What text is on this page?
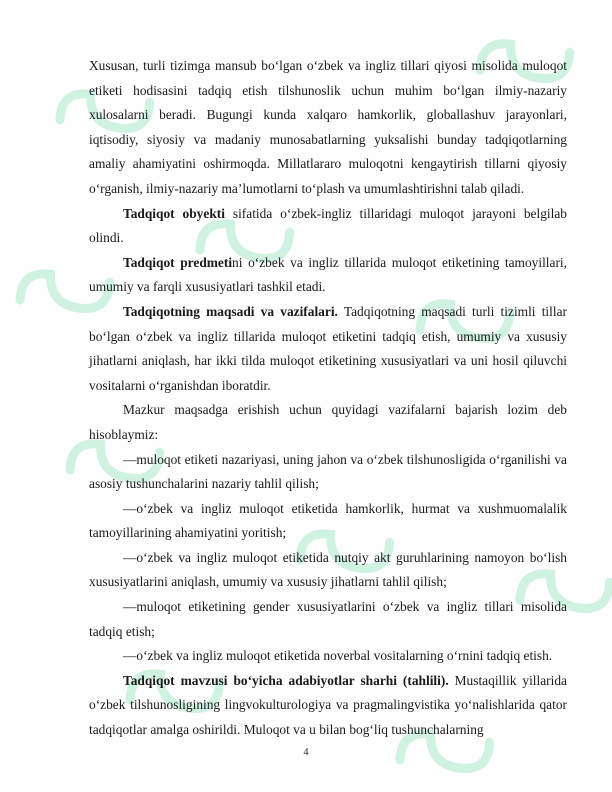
Xususan, turli tizimga mansub bo‘lgan o‘zbek va ingliz tillari qiyosi misolida muloqot etiketi hodisasini tadqiq etish tilshunoslik uchun muhim bo‘lgan ilmiy-nazariy xulosalarni beradi. Bugungi kunda xalqaro hamkorlik, globallashuv jarayonlari, iqtisodiy, siyosiy va madaniy munosabatlarning yuksalishi bunday tadqiqotlarning amaliy ahamiyatini oshirmoqda. Millatlararo muloqotni kengaytirish tillarni qiyosiy o‘rganish, ilmiy-nazariy ma’lumotlarni to‘plash va umumlashtirishni talab qiladi.

Tadqiqot obyekti sifatida o‘zbek-ingliz tillaridagi muloqot jarayoni belgilab olindi.

Tadqiqot predmetini o‘zbek va ingliz tillarida muloqot etiketining tamoyillari, umumiy va farqli xususiyatlari tashkil etadi.

Tadqiqotning maqsadi va vazifalari. Tadqiqotning maqsadi turli tizimli tillar bo‘lgan o‘zbek va ingliz tillarida muloqot etiketini tadqiq etish, umumiy va xususiy jihatlarni aniqlash, har ikki tilda muloqot etiketining xususiyatlari va uni hosil qiluvchi vositalarni o‘rganishdan iboratdir.

Mazkur maqsadga erishish uchun quyidagi vazifalarni bajarish lozim deb hisoblaymiz:

—muloqot etiketi nazariyasi, uning jahon va o‘zbek tilshunosligida o‘rganilishi va asosiy tushunchalarini nazariy tahlil qilish;

—o‘zbek va ingliz muloqot etiketida hamkorlik, hurmat va xushmuomalalik tamoyillarining ahamiyatini yoritish;

—o‘zbek va ingliz muloqot etiketida nutqiy akt guruhlarining namoyon bo‘lish xususiyatlarini aniqlash, umumiy va xususiy jihatlarni tahlil qilish;

—muloqot etiketining gender xususiyatlarini o‘zbek va ingliz tillari misolida tadqiq etish;

—o‘zbek va ingliz muloqot etiketida noverbal vositalarning o‘rnini tadqiq etish.

Tadqiqot mavzusi bo‘yicha adabiyotlar sharhi (tahlili). Mustaqillik yillarida o‘zbek tilshunosligining lingvokulturologiya va pragmalingvistika yo‘nalishlarida qator tadqiqotlar amalga oshirildi. Muloqot va u bilan bog‘liq tushunchalarning

4
